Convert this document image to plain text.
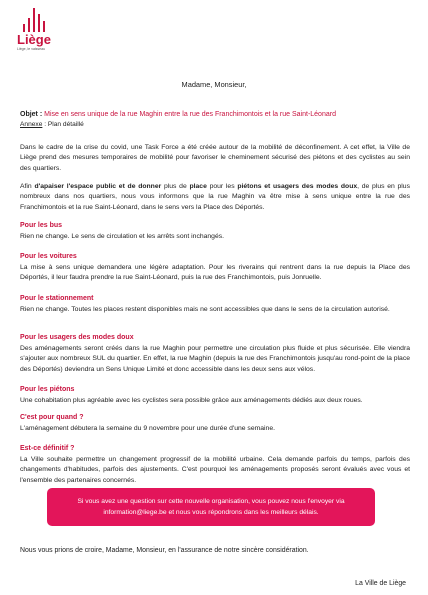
Liège
Liège, le vaisseau
Madame, Monsieur,
Objet : Mise en sens unique de la rue Maghin entre la rue des Franchimontois et la rue Saint-Léonard
Annexe : Plan détaillé
Dans le cadre de la crise du covid, une Task Force a été créée autour de la mobilité de déconfinement. A cet effet, la Ville de Liège prend des mesures temporaires de mobilité pour favoriser le cheminement sécurisé des piétons et des cyclistes au sein des quartiers.
Afin d'apaiser l'espace public et de donner plus de place pour les piétons et usagers des modes doux, de plus en plus nombreux dans nos quartiers, nous vous informons que la rue Maghin va être mise à sens unique entre la rue des Franchimontois et la rue Saint-Léonard, dans le sens vers la Place des Déportés.
Pour les bus
Rien ne change. Le sens de circulation et les arrêts sont inchangés.
Pour les voitures
La mise à sens unique demandera une légère adaptation. Pour les riverains qui rentrent dans la rue depuis la Place des Déportés, il leur faudra prendre la rue Saint-Léonard, puis la rue des Franchimontois, puis Jonruelle.
Pour le stationnement
Rien ne change. Toutes les places restent disponibles mais ne sont accessibles que dans le sens de la circulation autorisé.
Pour les usagers des modes doux
Des aménagements seront créés dans la rue Maghin pour permettre une circulation plus fluide et plus sécurisée. Elle viendra s'ajouter aux nombreux SUL du quartier. En effet, la rue Maghin (depuis la rue des Franchimontois jusqu'au rond-point de la place des Déportés) deviendra un Sens Unique Limité et donc accessible dans les deux sens aux vélos.
Pour les piétons
Une cohabitation plus agréable avec les cyclistes sera possible grâce aux aménagements dédiés aux deux roues.
C'est pour quand ?
L'aménagement débutera la semaine du 9 novembre pour une durée d'une semaine.
Est-ce définitif ?
La Ville souhaite permettre un changement progressif de la mobilité urbaine. Cela demande parfois du temps, parfois des changements d'habitudes, parfois des ajustements. C'est pourquoi les aménagements proposés seront évalués avec vous et l'ensemble des partenaires concernés.
Si vous avez une question sur cette nouvelle organisation, vous pouvez nous l'envoyer via information@liege.be et nous vous répondrons dans les meilleurs délais.
Nous vous prions de croire, Madame, Monsieur, en l'assurance de notre sincère considération.
La Ville de Liège
